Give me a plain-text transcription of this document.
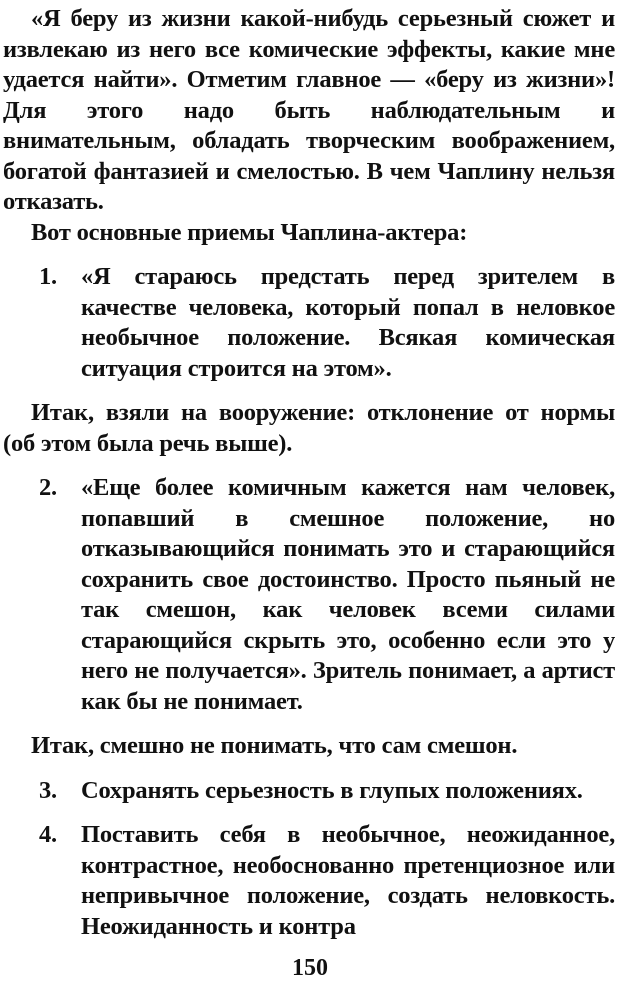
«Я беру из жизни какой-нибудь серьезный сюжет и извлекаю из него все комические эффекты, какие мне удается найти». Отметим главное — «беру из жизни»! Для этого надо быть наблюдательным и внимательным, обладать творческим воображением, богатой фантазией и смелостью. В чем Чаплину нельзя отказать.

Вот основные приемы Чаплина-актера:

1. «Я стараюсь предстать перед зрителем в качестве человека, который попал в неловкое необычное положение. Всякая комическая ситуация строится на этом».

Итак, взяли на вооружение: отклонение от нормы (об этом была речь выше).

2. «Еще более комичным кажется нам человек, попавший в смешное положение, но отказывающийся понимать это и старающийся сохранить свое достоинство. Просто пьяный не так смешон, как человек всеми силами старающийся скрыть это, особенно если это у него не получается». Зритель понимает, а артист как бы не понимает.

Итак, смешно не понимать, что сам смешон.

3. Сохранять серьезность в глупых положениях.

4. Поставить себя в необычное, неожиданное, контрастное, необоснованно претенциозное или непривычное положение, создать неловкость. Неожиданность и контра

150
